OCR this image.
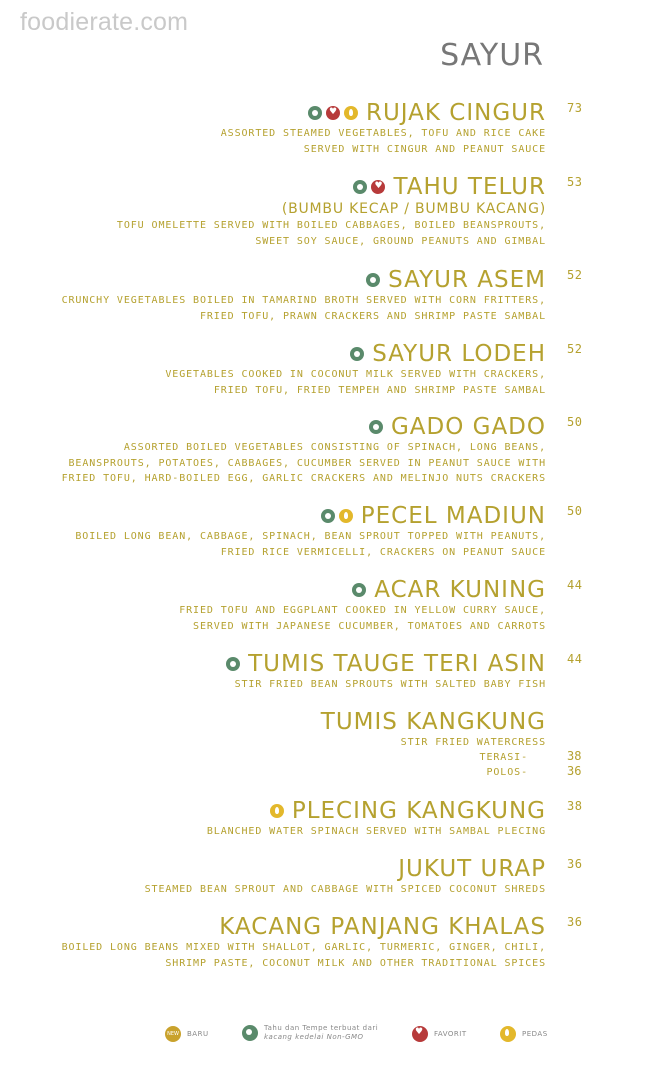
foodierate.com
SAYUR
♥
RUJAK CINGUR
ASSORTED STEAMED VEGETABLES, TOFU AND RICE CAKE
SERVED WITH CINGUR AND PEANUT SAUCE
73
♥
TAHU TELUR
(BUMBU KECAP / BUMBU KACANG)
TOFU OMELETTE SERVED WITH BOILED CABBAGES, BOILED BEANSPROUTS,
SWEET SOY SAUCE, GROUND PEANUTS AND GIMBAL
53
SAYUR ASEM
CRUNCHY VEGETABLES BOILED IN TAMARIND BROTH SERVED WITH CORN FRITTERS,
FRIED TOFU, PRAWN CRACKERS AND SHRIMP PASTE SAMBAL
52
SAYUR LODEH
VEGETABLES COOKED IN COCONUT MILK SERVED WITH CRACKERS,
FRIED TOFU, FRIED TEMPEH AND SHRIMP PASTE SAMBAL
52
GADO GADO
ASSORTED BOILED VEGETABLES CONSISTING OF SPINACH, LONG BEANS,
BEANSPROUTS, POTATOES, CABBAGES, CUCUMBER SERVED IN PEANUT SAUCE WITH
FRIED TOFU, HARD-BOILED EGG, GARLIC CRACKERS AND MELINJO NUTS CRACKERS
50
PECEL MADIUN
BOILED LONG BEAN, CABBAGE, SPINACH, BEAN SPROUT TOPPED WITH PEANUTS,
FRIED RICE VERMICELLI, CRACKERS ON PEANUT SAUCE
50
ACAR KUNING
FRIED TOFU AND EGGPLANT COOKED IN YELLOW CURRY SAUCE,
SERVED WITH JAPANESE CUCUMBER, TOMATOES AND CARROTS
44
TUMIS TAUGE TERI ASIN
STIR FRIED BEAN SPROUTS WITH SALTED BABY FISH
44
TUMIS KANGKUNG
STIR FRIED WATERCRESS
TERASI-	38
POLOS-	36
PLECING KANGKUNG
BLANCHED WATER SPINACH SERVED WITH SAMBAL PLECING
38
JUKUT URAP
STEAMED BEAN SPROUT AND CABBAGE WITH SPICED COCONUT SHREDS
36
KACANG PANJANG KHALAS
BOILED LONG BEANS MIXED WITH SHALLOT, GARLIC, TURMERIC, GINGER, CHILI,
SHRIMP PASTE, COCONUT MILK AND OTHER TRADITIONAL SPICES
36
NEW BARU
Tahu dan Tempe terbuat dari
kacang kedelai Non-GMO
♥	FAVORIT	PEDAS
